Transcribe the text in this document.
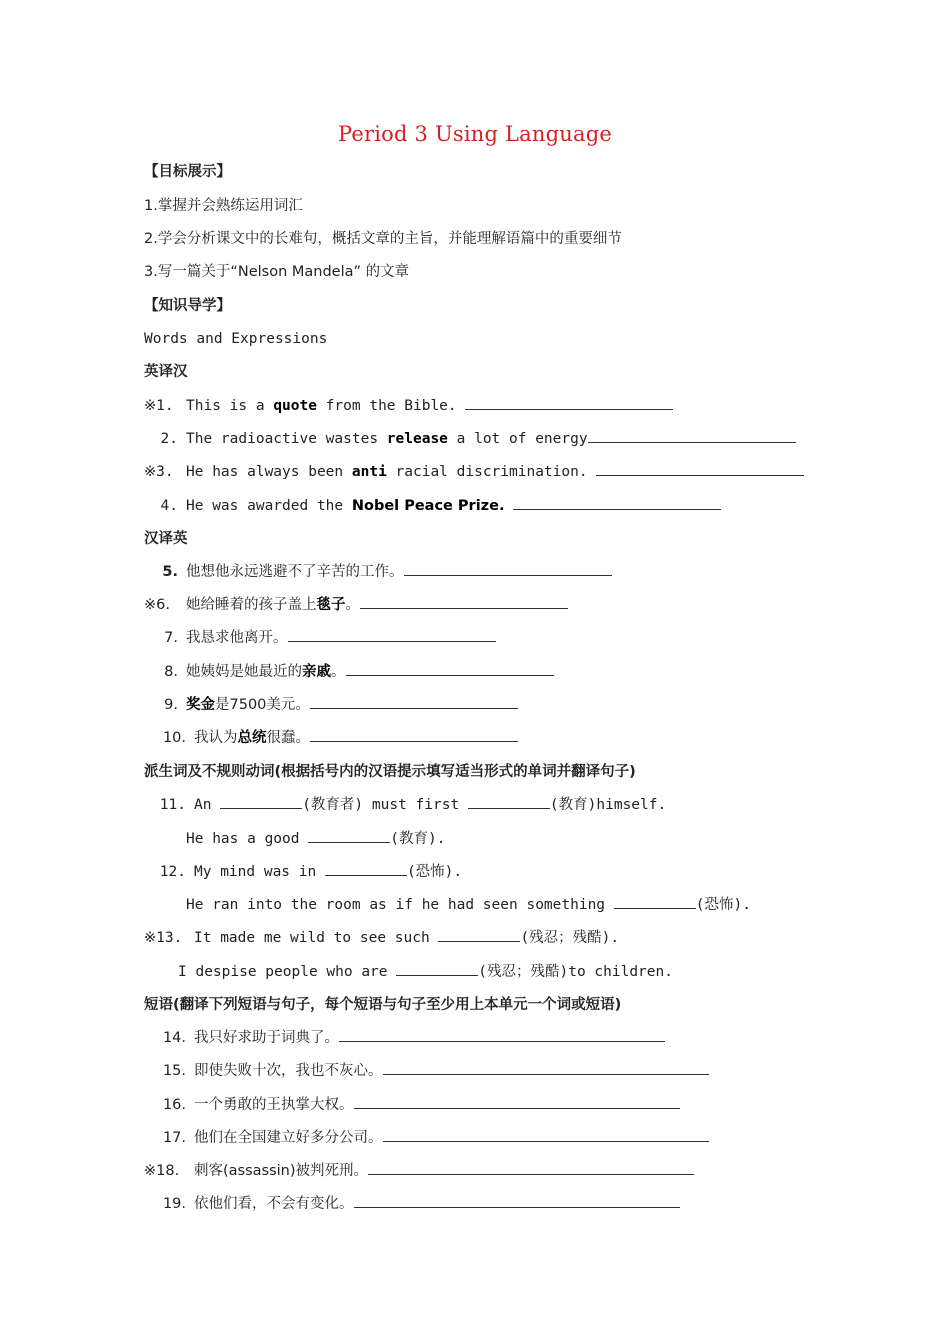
Period 3 Using Language
【目标展示】
1.掌握并会熟练运用词汇
2.学会分析课文中的长难句，概括文章的主旨，并能理解语篇中的重要细节
3.写一篇关于“Nelson Mandela” 的文章
【知识导学】
Words and Expressions
英译汉
※1. This is a quote from the Bible.
2. The radioactive wastes release a lot of energy
※3. He has always been anti racial discrimination.
4. He was awarded the Nobel Peace Prize.
汉译英
5. 他想他永远逃避不了辛苦的工作。
※6. 她给睡着的孩子盖上毯子。
7. 我恳求他离开。
8. 她姨妈是她最近的亲戚。
9. 奖金是7500美元。
10. 我认为总统很蠢。
派生词及不规则动词(根据括号内的汉语提示填写适当形式的单词并翻译句子)
11. An	(教育者) must first	(教育)himself.
He has a good	(教育).
12. My mind was in	(恐怖).
He ran into the room as if he had seen something	(恐怖).
※13. It made me wild to see such	(残忍；残酷).
I despise people who are	(残忍；残酷)to children.
短语(翻译下列短语与句子，每个短语与句子至少用上本单元一个词或短语)
14. 我只好求助于词典了。
15. 即使失败十次，我也不灰心。
16. 一个勇敢的王执掌大权。
17. 他们在全国建立好多分公司。
※18. 刺客(assassin)被判死刑。
19. 依他们看，不会有变化。
